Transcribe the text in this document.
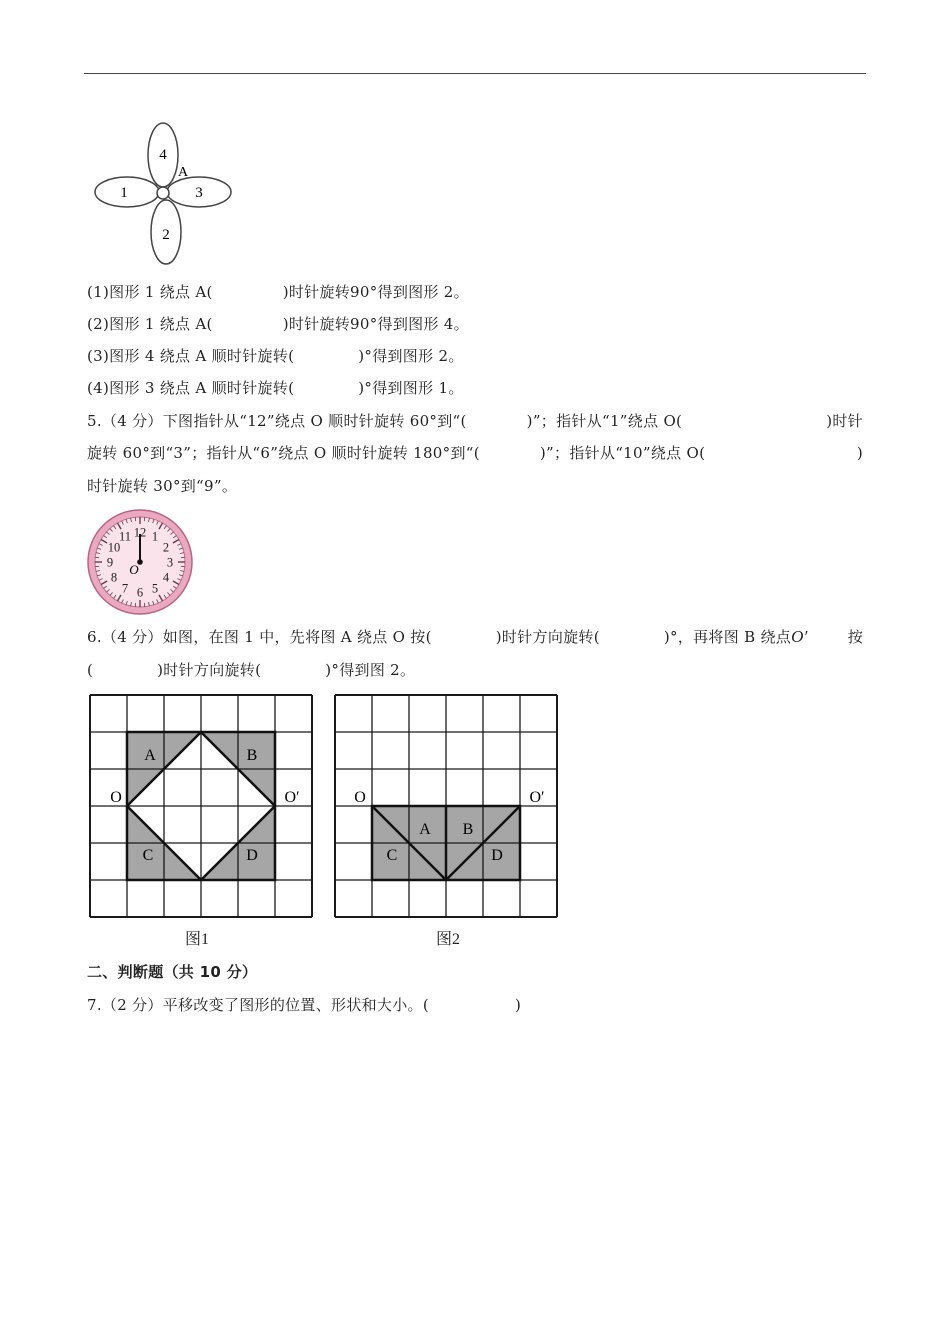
4
2
1	3
A
(1)图形 1 绕点 A(	)时针旋转90°得到图形 2。
(2)图形 1 绕点 A(	)时针旋转90°得到图形 4。
(3)图形 4 绕点 A 顺时针旋转(	)°得到图形 2。
(4)图形 3 绕点 A 顺时针旋转(	)°得到图形 1。
5.（4 分）下图指针从“12”绕点 O 顺时针旋转 60°到“(	)”；指针从“1”绕点 O(	)时针
旋转 60°到“3”；指针从“6”绕点 O 顺时针旋转 180°到“(	)”；指针从“10”绕点 O(	)
时针旋转 30°到“9”。
12 1
2
3
4
5
6
7
8
9
10
11
O
6.（4 分）如图，在图 1 中，先将图 A 绕点 O 按(	)时针方向旋转(	)°，再将图 B 绕点O′	按
(	)时针方向旋转(	)°得到图 2。
A	B
C	D
O	O′
图1
A B
C	D
O	O′
图2
二、判断题（共 10 分）
7.（2 分）平移改变了图形的位置、形状和大小。(	)
